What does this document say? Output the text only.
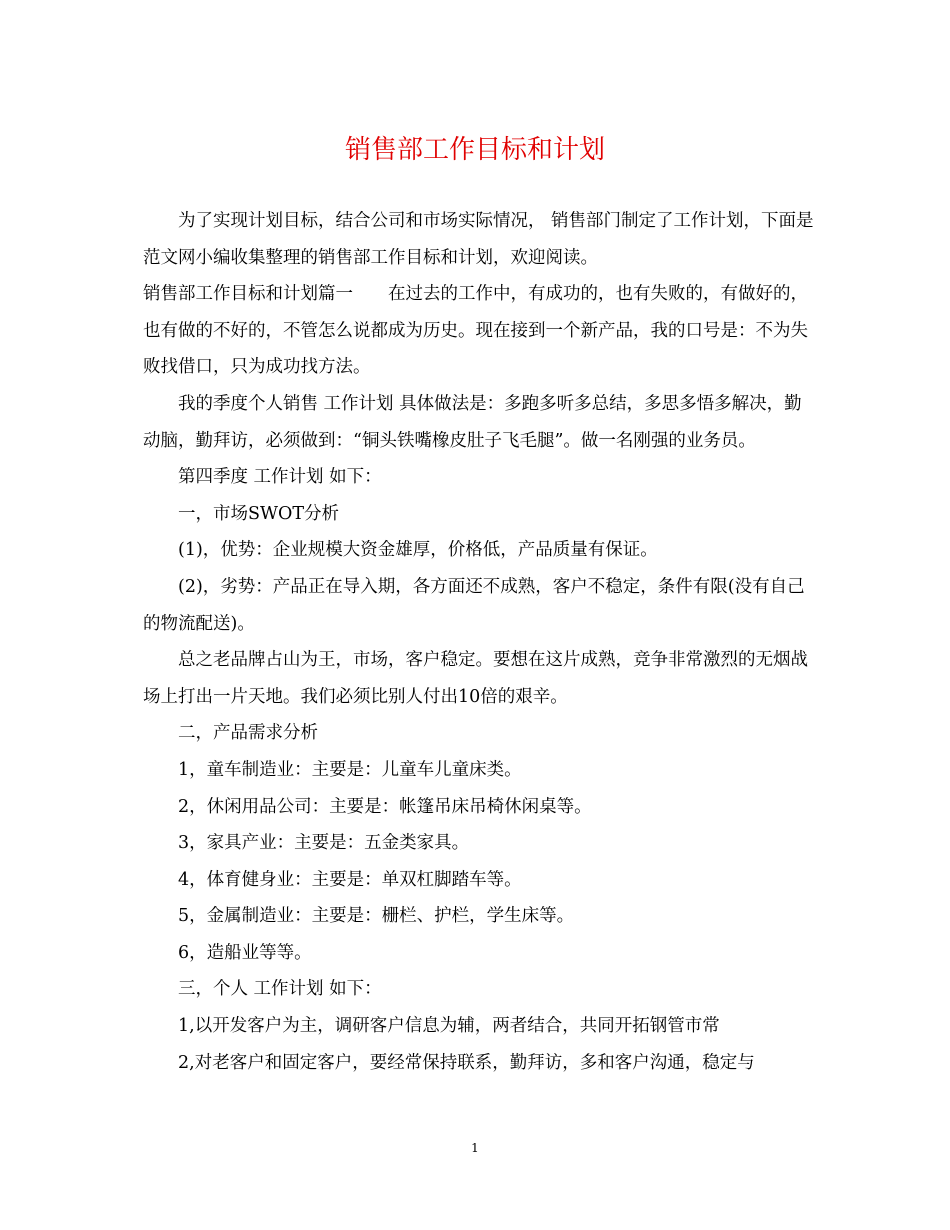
销售部工作目标和计划

为了实现计划目标，结合公司和市场实际情况， 销售部门制定了工作计划，下面是范文网小编收集整理的销售部工作目标和计划，欢迎阅读。

销售部工作目标和计划篇一　　在过去的工作中，有成功的，也有失败的，有做好的，也有做的不好的，不管怎么说都成为历史。现在接到一个新产品，我的口号是：不为失败找借口，只为成功找方法。

我的季度个人销售 工作计划 具体做法是：多跑多听多总结，多思多悟多解决，勤动脑，勤拜访，必须做到：“铜头铁嘴橡皮肚子飞毛腿”。做一名刚强的业务员。

第四季度 工作计划 如下：

一，市场SWOT分析

(1)，优势：企业规模大资金雄厚，价格低，产品质量有保证。

(2)，劣势：产品正在导入期，各方面还不成熟，客户不稳定，条件有限(没有自己的物流配送)。

总之老品牌占山为王，市场，客户稳定。要想在这片成熟，竞争非常激烈的无烟战场上打出一片天地。我们必须比别人付出10倍的艰辛。

二，产品需求分析

1，童车制造业：主要是：儿童车儿童床类。

2，休闲用品公司：主要是：帐篷吊床吊椅休闲桌等。

3，家具产业：主要是：五金类家具。

4，体育健身业：主要是：单双杠脚踏车等。

5，金属制造业：主要是：栅栏、护栏，学生床等。

6，造船业等等。

三，个人 工作计划 如下：

1,以开发客户为主，调研客户信息为辅，两者结合，共同开拓钢管市常

2,对老客户和固定客户，要经常保持联系，勤拜访，多和客户沟通，稳定与

1
